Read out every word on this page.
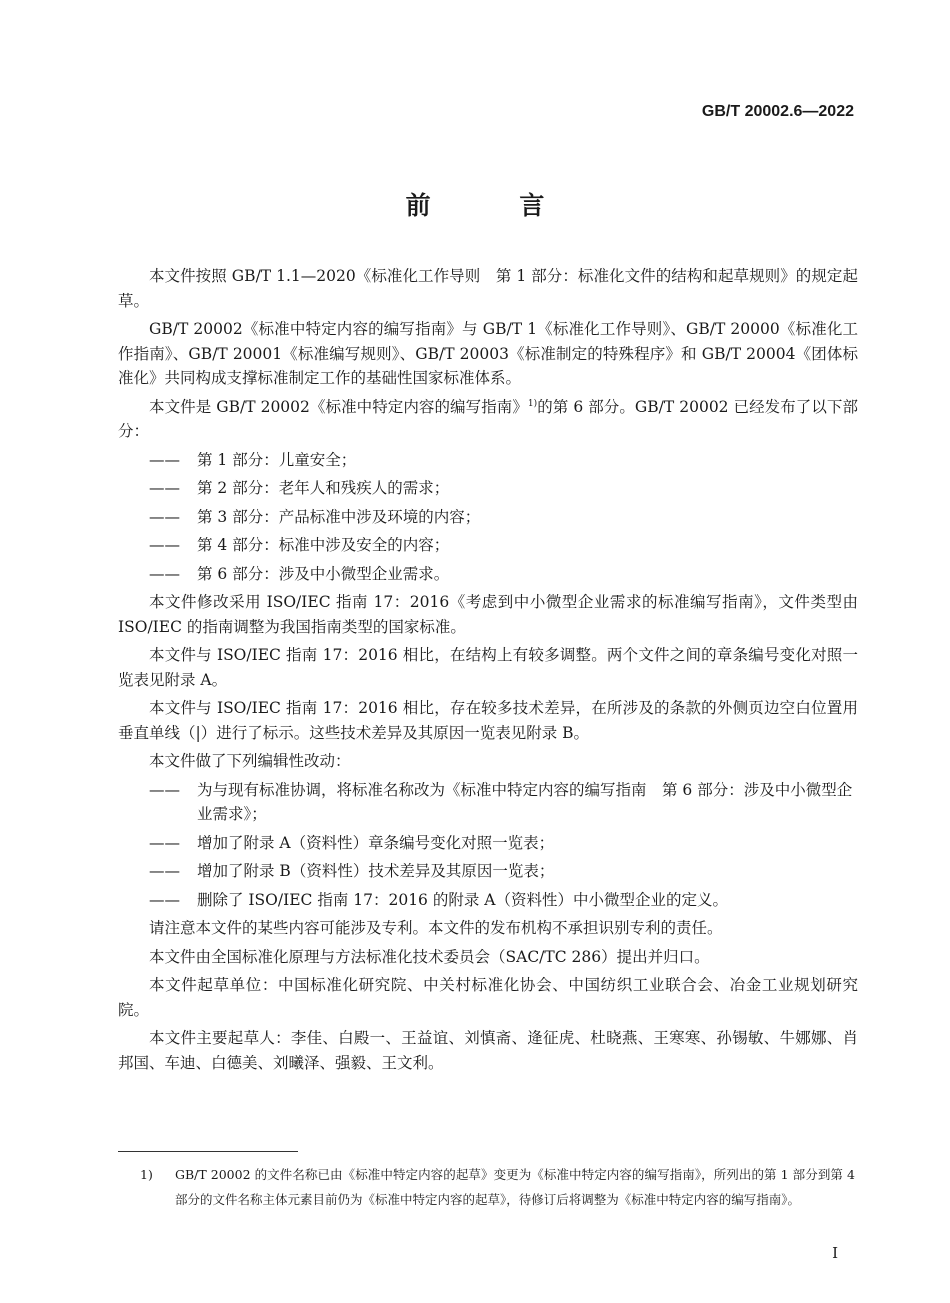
GB/T 20002.6—2022
前 言

本文件按照 GB/T 1.1—2020《标准化工作导则　第 1 部分：标准化文件的结构和起草规则》的规定起草。

GB/T 20002《标准中特定内容的编写指南》与 GB/T 1《标准化工作导则》、GB/T 20000《标准化工作指南》、GB/T 20001《标准编写规则》、GB/T 20003《标准制定的特殊程序》和 GB/T 20004《团体标准化》共同构成支撑标准制定工作的基础性国家标准体系。

本文件是 GB/T 20002《标准中特定内容的编写指南》$^{1)}$的第 6 部分。GB/T 20002 已经发布了以下部分：

—— 第 1 部分：儿童安全；

—— 第 2 部分：老年人和残疾人的需求；

—— 第 3 部分：产品标准中涉及环境的内容；

—— 第 4 部分：标准中涉及安全的内容；

—— 第 6 部分：涉及中小微型企业需求。

本文件修改采用 ISO/IEC 指南 17：2016《考虑到中小微型企业需求的标准编写指南》，文件类型由 ISO/IEC 的指南调整为我国指南类型的国家标准。

本文件与 ISO/IEC 指南 17：2016 相比，在结构上有较多调整。两个文件之间的章条编号变化对照一览表见附录 A。

本文件与 ISO/IEC 指南 17：2016 相比，存在较多技术差异，在所涉及的条款的外侧页边空白位置用垂直单线（|）进行了标示。这些技术差异及其原因一览表见附录 B。

本文件做了下列编辑性改动：

—— 为与现有标准协调，将标准名称改为《标准中特定内容的编写指南　第 6 部分：涉及中小微型企业需求》；

—— 增加了附录 A（资料性）章条编号变化对照一览表；

—— 增加了附录 B（资料性）技术差异及其原因一览表；

—— 删除了 ISO/IEC 指南 17：2016 的附录 A（资料性）中小微型企业的定义。

请注意本文件的某些内容可能涉及专利。本文件的发布机构不承担识别专利的责任。

本文件由全国标准化原理与方法标准化技术委员会（SAC/TC 286）提出并归口。

本文件起草单位：中国标准化研究院、中关村标准化协会、中国纺织工业联合会、冶金工业规划研究院。

本文件主要起草人：李佳、白殿一、王益谊、刘慎斋、逄征虎、杜晓燕、王寒寒、孙锡敏、牛娜娜、肖邦国、车迪、白德美、刘曦泽、强毅、王文利。

1) GB/T 20002 的文件名称已由《标准中特定内容的起草》变更为《标准中特定内容的编写指南》，所列出的第 1 部分到第 4 部分的文件名称主体元素目前仍为《标准中特定内容的起草》，待修订后将调整为《标准中特定内容的编写指南》。
I
